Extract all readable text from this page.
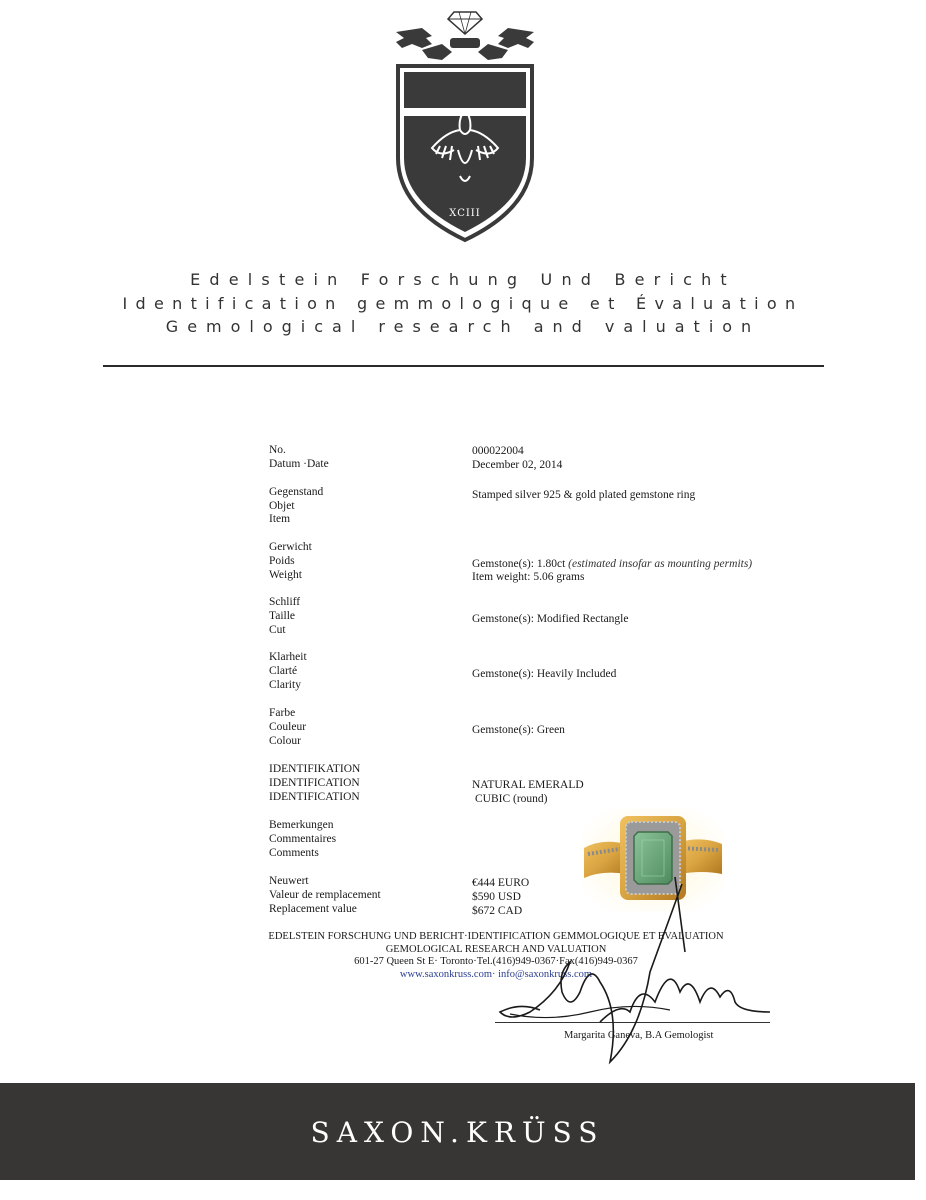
XCIII
Edelstein Forschung Und Bericht
Identification gemmologique et Évaluation
Gemological research and valuation
No.	000022004
Datum ·Date	December 02, 2014
Gegenstand
Objet
Item
Stamped silver 925 & gold plated gemstone ring
Gerwicht
Poids
Weight
Gemstone(s): 1.80ct (estimated insofar as mounting permits)
Item weight: 5.06 grams
Schliff
Taille
Cut
Gemstone(s): Modified Rectangle
Klarheit
Clarté
Clarity
Gemstone(s): Heavily Included
Farbe
Couleur
Colour
Gemstone(s): Green
IDENTIFIKATION
IDENTIFICATION
IDENTIFICATION
NATURAL EMERALD
CUBIC (round)
Bemerkungen
Commentaires
Comments
Neuwert
Valeur de remplacement
Replacement value
€444 EURO
$590 USD
$672 CAD
EDELSTEIN FORSCHUNG UND BERICHT·IDENTIFICATION GEMMOLOGIQUE ET EVALUATION
GEMOLOGICAL RESEARCH AND VALUATION
601-27 Queen St E· Toronto·Tel.(416)949-0367·Fax(416)949-0367
www.saxonkruss.com· info@saxonkruss.com
Margarita Ganeva, B.A Gemologist
SAXON.KRÜSS
